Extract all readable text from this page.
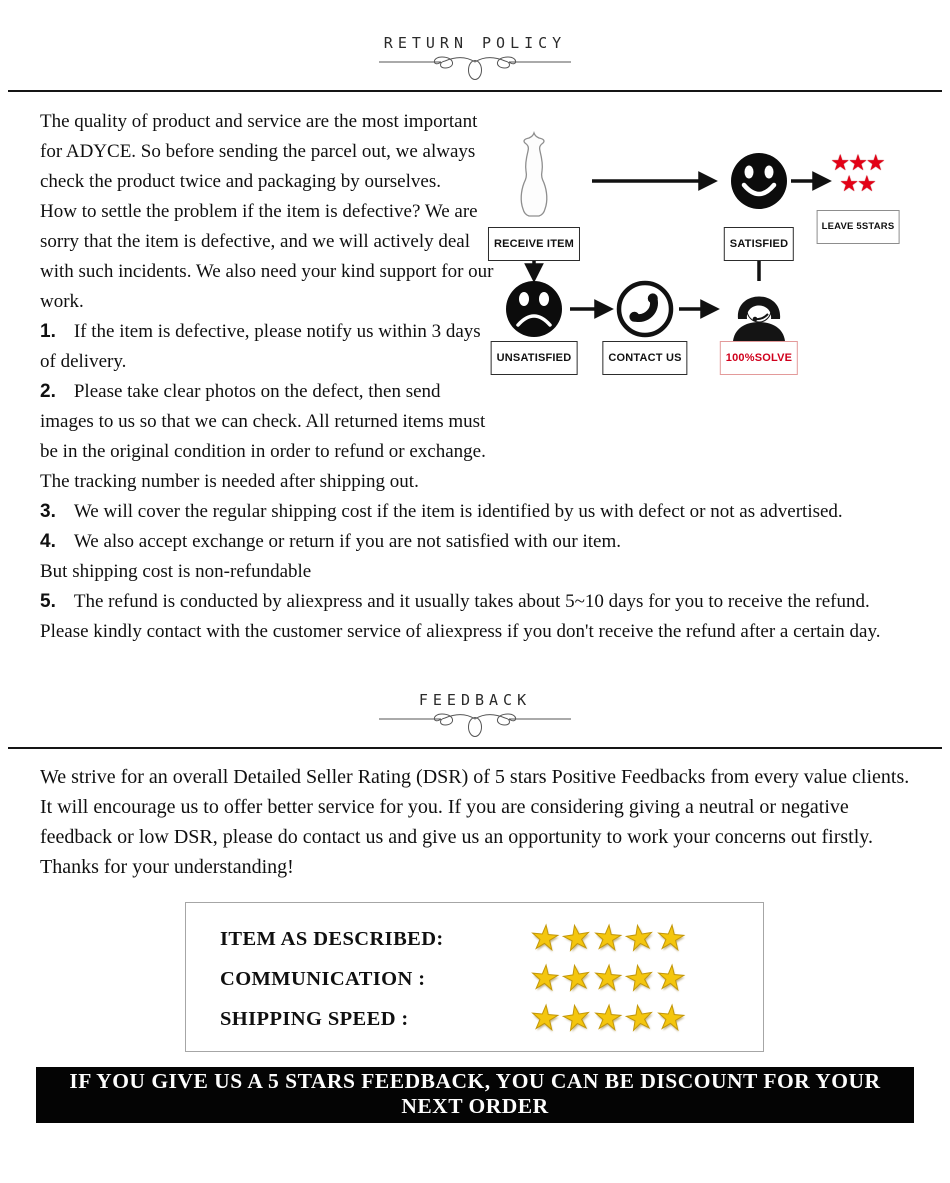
RETURN POLICY
★★★
★★
RECEIVE ITEM	SATISFIED
LEAVE 5STARS
UNSATISFIED	CONTACT US	100%SOLVE

The quality of product and service are the most important for ADYCE. So before sending the parcel out, we always check the product twice and packaging by ourselves.

How to settle the problem if the item is defective? We are sorry that the item is defective, and we will actively deal with such incidents. We also need your kind support for our work.

1. If the item is defective, please notify us within 3 days of delivery.

2. Please take clear photos on the defect, then send images to us so that we can check. All returned items must be in the original condition in order to refund or exchange. The tracking number is needed after shipping out.

3. We will cover the regular shipping cost if the item is identified by us with defect or not as advertised.

4. We also accept exchange or return if you are not satisfied with our item.
But shipping cost is non-refundable

5. The refund is conducted by aliexpress and it usually takes about 5~10 days for you to receive the refund. Please kindly contact with the customer service of aliexpress if you don't receive the refund after a certain day.

FEEDBACK

We strive for an overall Detailed Seller Rating (DSR) of 5 stars Positive Feedbacks from every value clients. It will encourage us to offer better service for you. If you are considering giving a neutral or negative feedback or low DSR, please do contact us and give us an opportunity to work your concerns out firstly. Thanks for your understanding!

ITEM AS DESCRIBED:	★★★★★
COMMUNICATION :	★★★★★
SHIPPING SPEED :	★★★★★
IF YOU GIVE US A 5 STARS FEEDBACK, YOU CAN BE DISCOUNT FOR YOUR NEXT ORDER
